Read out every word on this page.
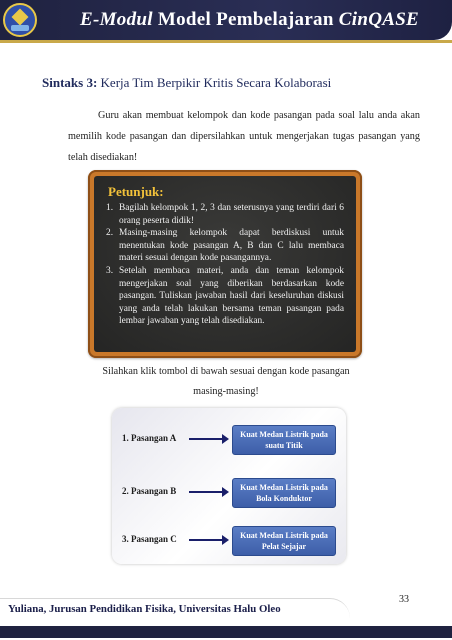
E-Modul Model Pembelajaran CinQASE
Sintaks 3: Kerja Tim Berpikir Kritis Secara Kolaborasi
Guru akan membuat kelompok dan kode pasangan pada soal lalu anda akan memilih kode pasangan dan dipersilahkan untuk mengerjakan tugas pasangan yang telah disediakan!
Petunjuk:
1. Bagilah kelompok 1, 2, 3 dan seterusnya yang terdiri dari 6 orang peserta didik!
2. Masing-masing kelompok dapat berdiskusi untuk menentukan kode pasangan A, B dan C lalu membaca materi sesuai dengan kode pasangannya.
3. Setelah membaca materi, anda dan teman kelompok mengerjakan soal yang diberikan berdasarkan kode pasangan. Tuliskan jawaban hasil dari keseluruhan diskusi yang anda telah lakukan bersama teman pasangan pada lembar jawaban yang telah disediakan.
Silahkan klik tombol di bawah sesuai dengan kode pasangan masing-masing!
1. Pasangan A	Kuat Medan Listrik pada suatu Titik
2. Pasangan B	Kuat Medan Listrik pada Bola Konduktor
3. Pasangan C	Kuat Medan Listrik pada Pelat Sejajar
33
Yuliana, Jurusan Pendidikan Fisika, Universitas Halu Oleo
